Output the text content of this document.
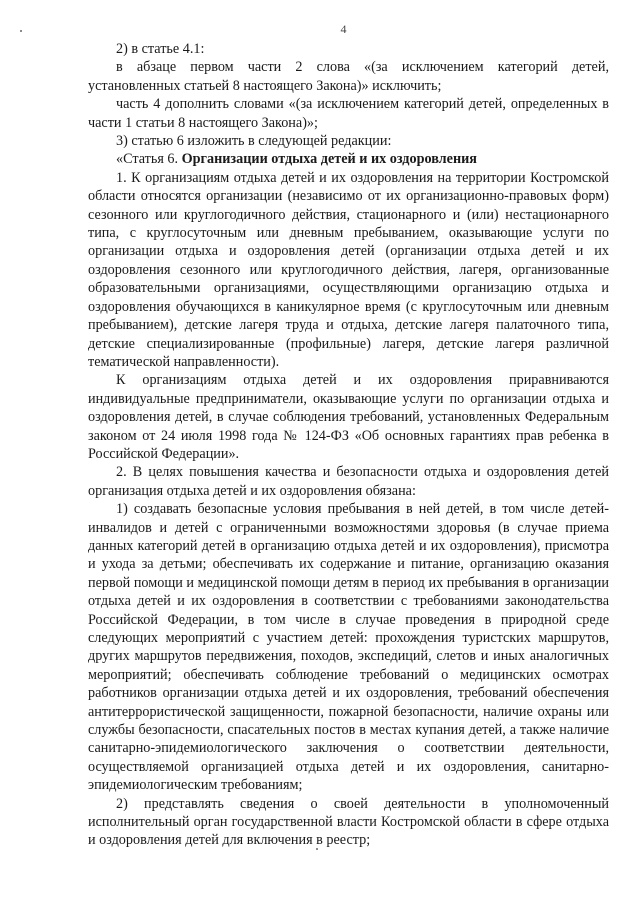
4

2) в статье 4.1:

в абзаце первом части 2 слова «(за исключением категорий детей, установленных статьей 8 настоящего Закона)» исключить;

часть 4 дополнить словами «(за исключением категорий детей, определенных в части 1 статьи 8 настоящего Закона)»;

3) статью 6 изложить в следующей редакции:

«Статья 6. Организации отдыха детей и их оздоровления

1. К организациям отдыха детей и их оздоровления на территории Костромской области относятся организации (независимо от их организационно-правовых форм) сезонного или круглогодичного действия, стационарного и (или) нестационарного типа, с круглосуточным или дневным пребыванием, оказывающие услуги по организации отдыха и оздоровления детей (организации отдыха детей и их оздоровления сезонного или круглогодичного действия, лагеря, организованные образовательными организациями, осуществляющими организацию отдыха и оздоровления обучающихся в каникулярное время (с круглосуточным или дневным пребыванием), детские лагеря труда и отдыха, детские лагеря палаточного типа, детские специализированные (профильные) лагеря, детские лагеря различной тематической направленности).

К организациям отдыха детей и их оздоровления приравниваются индивидуальные предприниматели, оказывающие услуги по организации отдыха и оздоровления детей, в случае соблюдения требований, установленных Федеральным законом от 24 июля 1998 года № 124-ФЗ «Об основных гарантиях прав ребенка в Российской Федерации».

2. В целях повышения качества и безопасности отдыха и оздоровления детей организация отдыха детей и их оздоровления обязана:

1) создавать безопасные условия пребывания в ней детей, в том числе детей-инвалидов и детей с ограниченными возможностями здоровья (в случае приема данных категорий детей в организацию отдыха детей и их оздоровления), присмотра и ухода за детьми; обеспечивать их содержание и питание, организацию оказания первой помощи и медицинской помощи детям в период их пребывания в организации отдыха детей и их оздоровления в соответствии с требованиями законодательства Российской Федерации, в том числе в случае проведения в природной среде следующих мероприятий с участием детей: прохождения туристских маршрутов, других маршрутов передвижения, походов, экспедиций, слетов и иных аналогичных мероприятий; обеспечивать соблюдение требований о медицинских осмотрах работников организации отдыха детей и их оздоровления, требований обеспечения антитеррористической защищенности, пожарной безопасности, наличие охраны или службы безопасности, спасательных постов в местах купания детей, а также наличие санитарно-эпидемиологического заключения о соответствии деятельности, осуществляемой организацией отдыха детей и их оздоровления, санитарно-эпидемиологическим требованиям;

2) представлять сведения о своей деятельности в уполномоченный исполнительный орган государственной власти Костромской области в сфере отдыха и оздоровления детей для включения в реестр;
